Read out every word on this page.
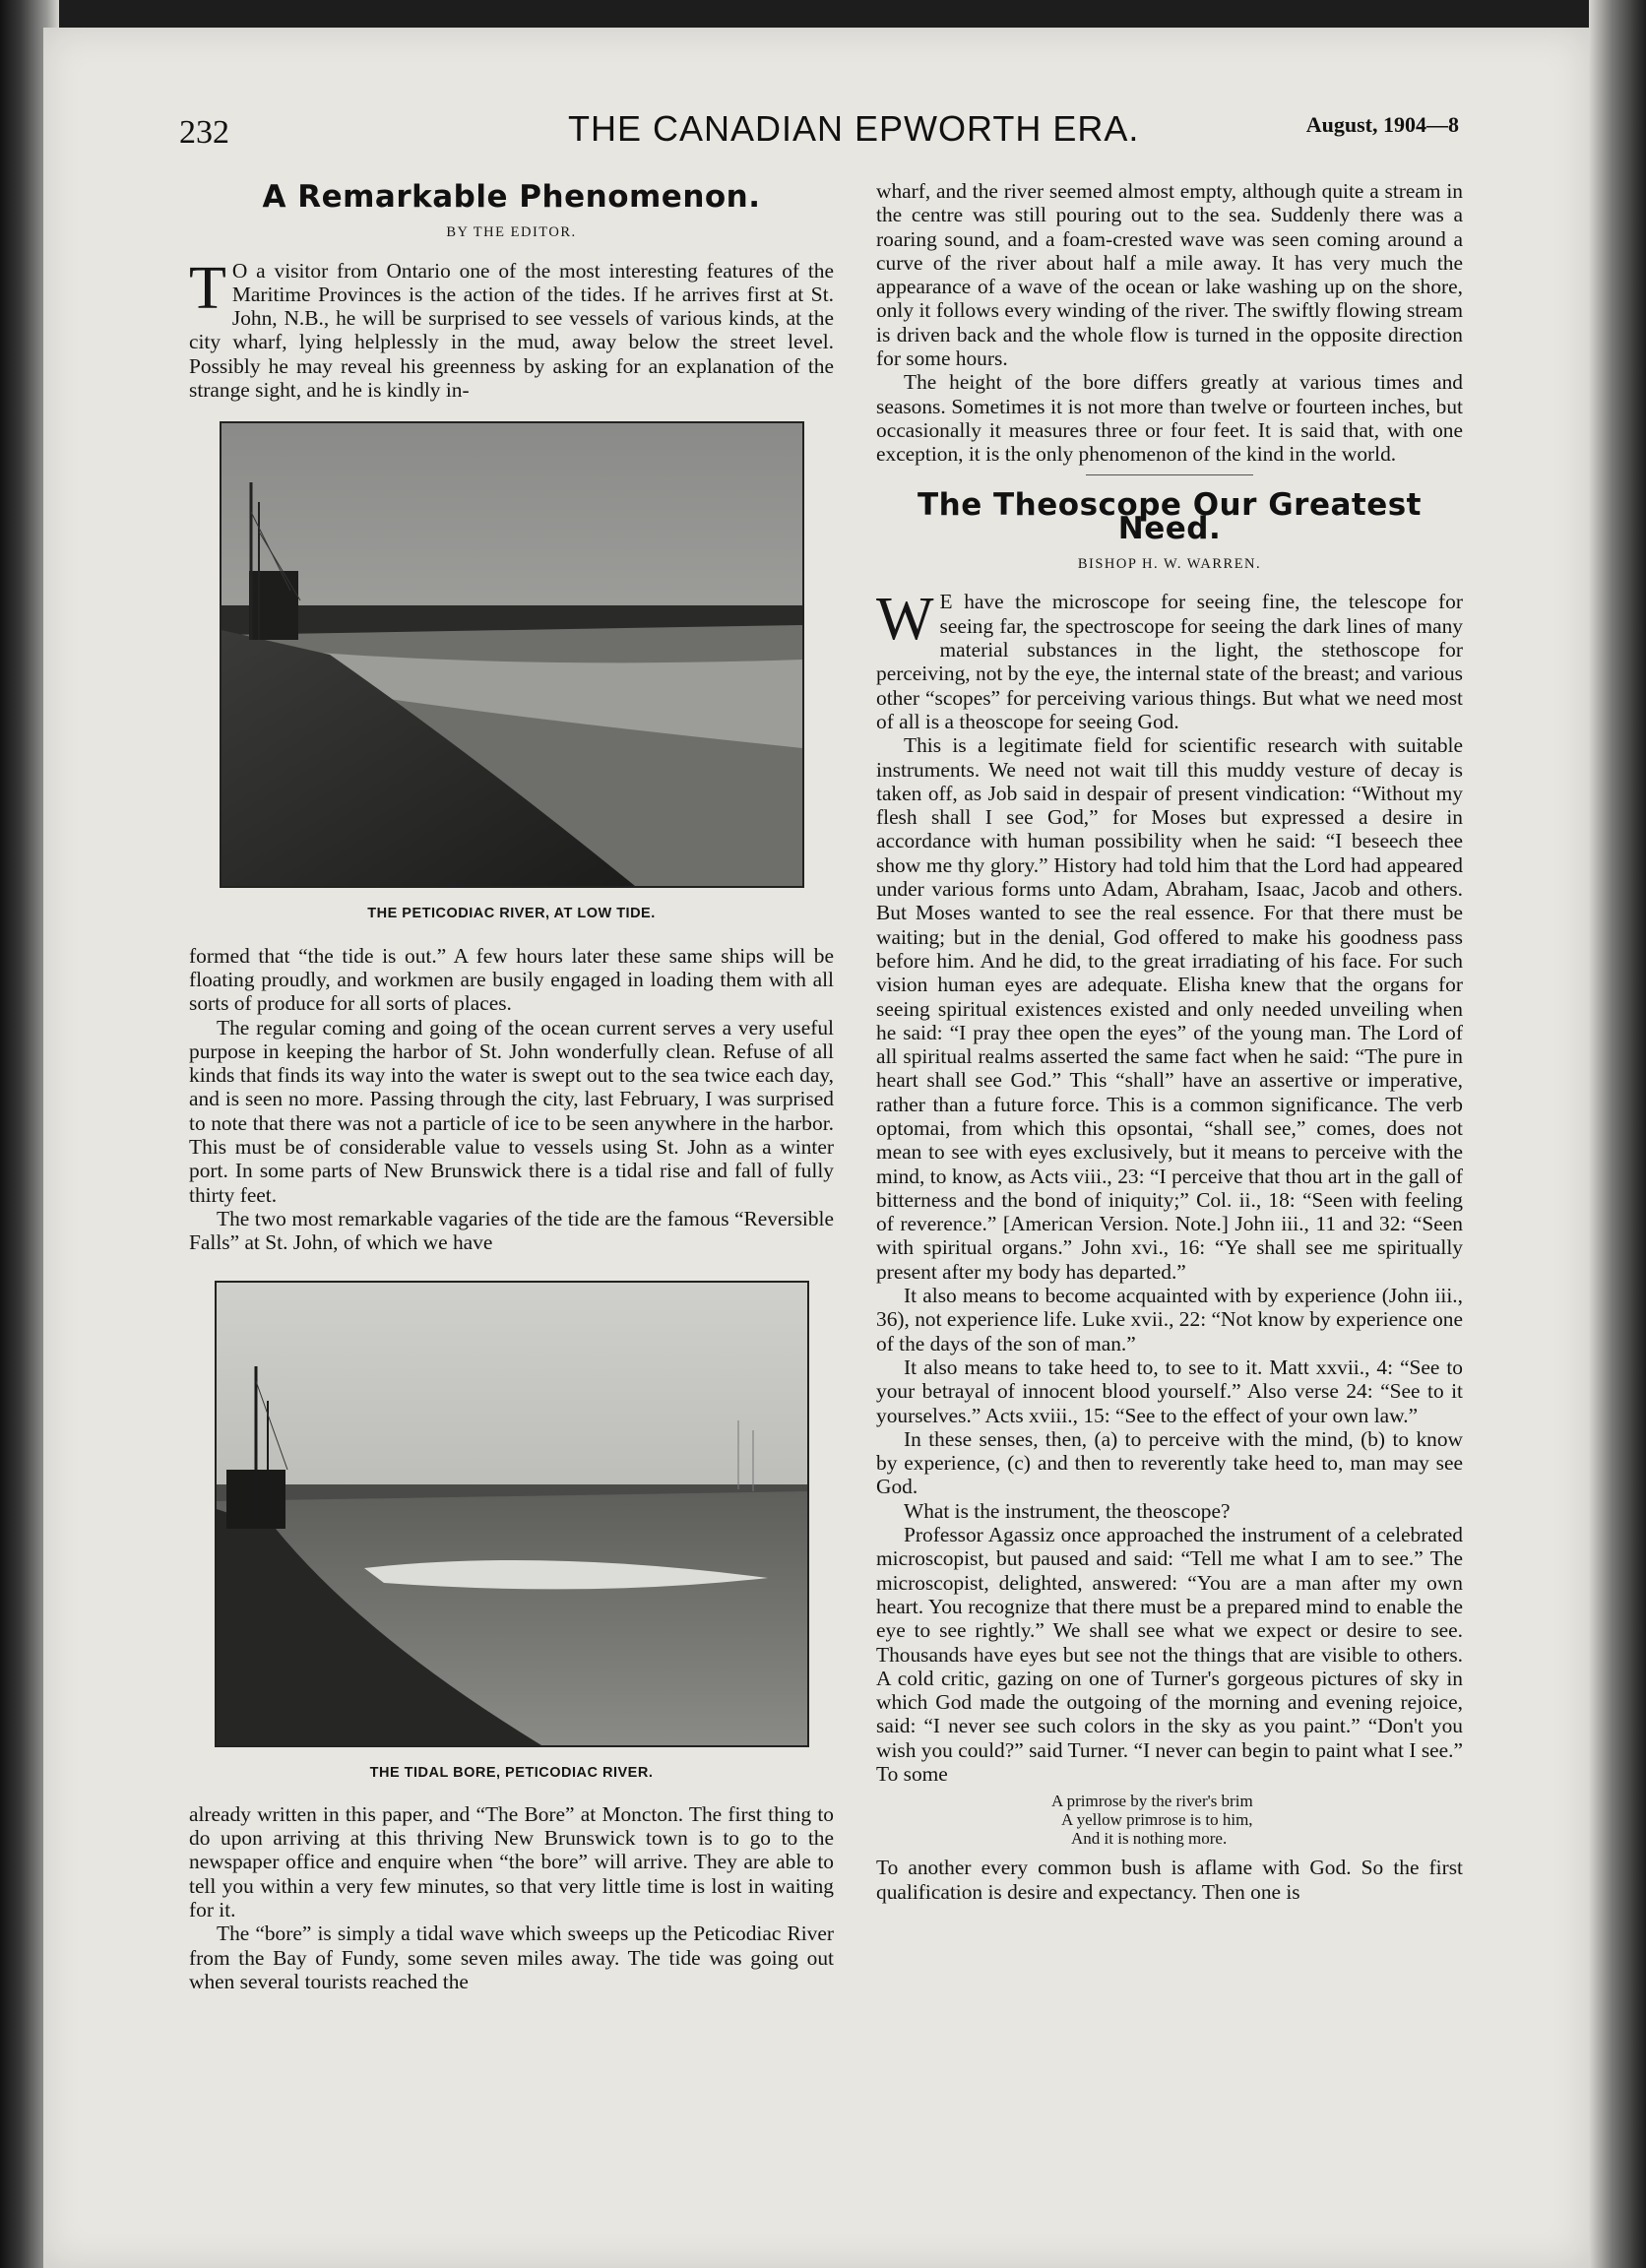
232	THE CANADIAN EPWORTH ERA.	August, 1904—8
A Remarkable Phenomenon.
BY THE EDITOR.

T O a visitor from Ontario one of the most interesting features of the Maritime Provinces is the action of the tides. If he arrives first at St. John, N.B., he will be surprised to see vessels of various kinds, at the city wharf, lying helplessly in the mud, away below the street level. Possibly he may reveal his greenness by asking for an explanation of the strange sight, and he is kindly in-

THE PETICODIAC RIVER, AT LOW TIDE.

formed that “the tide is out.” A few hours later these same ships will be floating proudly, and workmen are busily engaged in loading them with all sorts of produce for all sorts of places.

The regular coming and going of the ocean current serves a very useful purpose in keeping the harbor of St. John wonderfully clean. Refuse of all kinds that finds its way into the water is swept out to the sea twice each day, and is seen no more. Passing through the city, last February, I was surprised to note that there was not a particle of ice to be seen anywhere in the harbor. This must be of considerable value to vessels using St. John as a winter port. In some parts of New Brunswick there is a tidal rise and fall of fully thirty feet.

The two most remarkable vagaries of the tide are the famous “Reversible Falls” at St. John, of which we have

THE TIDAL BORE, PETICODIAC RIVER.

already written in this paper, and “The Bore” at Moncton. The first thing to do upon arriving at this thriving New Brunswick town is to go to the newspaper office and enquire when “the bore” will arrive. They are able to tell you within a very few minutes, so that very little time is lost in waiting for it.

The “bore” is simply a tidal wave which sweeps up the Peticodiac River from the Bay of Fundy, some seven miles away. The tide was going out when several tourists reached the

wharf, and the river seemed almost empty, although quite a stream in the centre was still pouring out to the sea. Suddenly there was a roaring sound, and a foam-crested wave was seen coming around a curve of the river about half a mile away. It has very much the appearance of a wave of the ocean or lake washing up on the shore, only it follows every winding of the river. The swiftly flowing stream is driven back and the whole flow is turned in the opposite direction for some hours.

The height of the bore differs greatly at various times and seasons. Sometimes it is not more than twelve or fourteen inches, but occasionally it measures three or four feet. It is said that, with one exception, it is the only phenomenon of the kind in the world.

The Theoscope Our Greatest Need.
BISHOP H. W. WARREN.

W E have the microscope for seeing fine, the telescope for seeing far, the spectroscope for seeing the dark lines of many material substances in the light, the stethoscope for perceiving, not by the eye, the internal state of the breast; and various other “scopes” for perceiving various things. But what we need most of all is a theoscope for seeing God.

This is a legitimate field for scientific research with suitable instruments. We need not wait till this muddy vesture of decay is taken off, as Job said in despair of present vindication: “Without my flesh shall I see God,” for Moses but expressed a desire in accordance with human possibility when he said: “I beseech thee show me thy glory.” History had told him that the Lord had appeared under various forms unto Adam, Abraham, Isaac, Jacob and others. But Moses wanted to see the real essence. For that there must be waiting; but in the denial, God offered to make his goodness pass before him. And he did, to the great irradiating of his face. For such vision human eyes are adequate. Elisha knew that the organs for seeing spiritual existences existed and only needed unveiling when he said: “I pray thee open the eyes” of the young man. The Lord of all spiritual realms asserted the same fact when he said: “The pure in heart shall see God.” This “shall” have an assertive or imperative, rather than a future force. This is a common significance. The verb optomai, from which this opsontai, “shall see,” comes, does not mean to see with eyes exclusively, but it means to perceive with the mind, to know, as Acts viii., 23: “I perceive that thou art in the gall of bitterness and the bond of iniquity;” Col. ii., 18: “Seen with feeling of reverence.” [American Version. Note.] John iii., 11 and 32: “Seen with spiritual organs.” John xvi., 16: “Ye shall see me spiritually present after my body has departed.”

It also means to become acquainted with by experience (John iii., 36), not experience life. Luke xvii., 22: “Not know by experience one of the days of the son of man.”

It also means to take heed to, to see to it. Matt xxvii., 4: “See to your betrayal of innocent blood yourself.” Also verse 24: “See to it yourselves.” Acts xviii., 15: “See to the effect of your own law.”

In these senses, then, (a) to perceive with the mind, (b) to know by experience, (c) and then to reverently take heed to, man may see God.

What is the instrument, the theoscope?

Professor Agassiz once approached the instrument of a celebrated microscopist, but paused and said: “Tell me what I am to see.” The microscopist, delighted, answered: “You are a man after my own heart. You recognize that there must be a prepared mind to enable the eye to see rightly.” We shall see what we expect or desire to see. Thousands have eyes but see not the things that are visible to others. A cold critic, gazing on one of Turner's gorgeous pictures of sky in which God made the outgoing of the morning and evening rejoice, said: “I never see such colors in the sky as you paint.” “Don't you wish you could?” said Turner. “I never can begin to paint what I see.” To some

A primrose by the river's brim
A yellow primrose is to him,
And it is nothing more.

To another every common bush is aflame with God. So the first qualification is desire and expectancy. Then one is
